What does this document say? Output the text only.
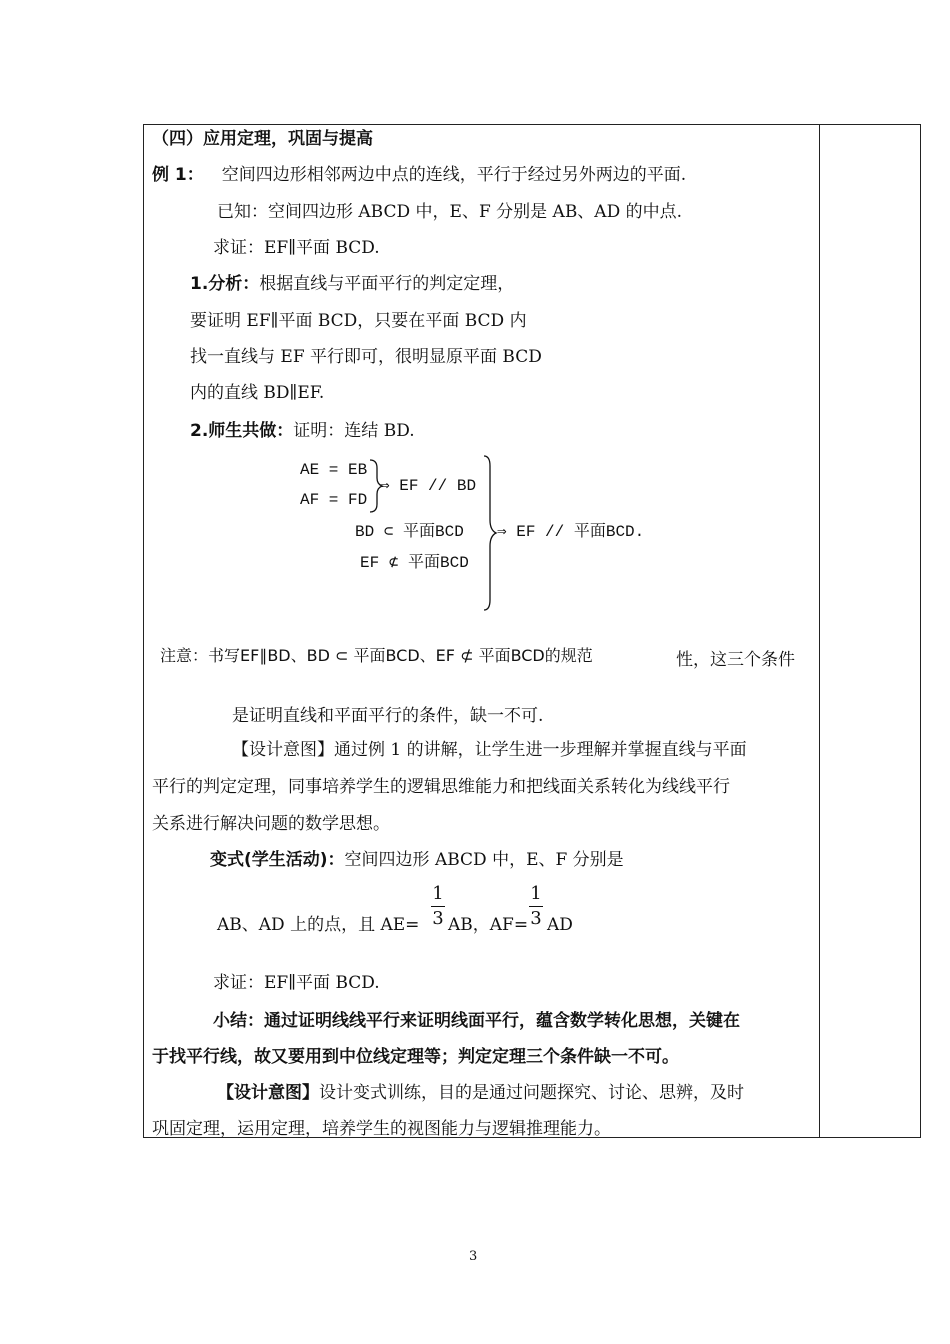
（四）应用定理，巩固与提高
例 1： 空间四边形相邻两边中点的连线，平行于经过另外两边的平面.
已知：空间四边形 ABCD 中，E、F 分别是 AB、AD 的中点.
求证：EF∥平面 BCD.
1.分析：根据直线与平面平行的判定定理，
要证明 EF∥平面 BCD，只要在平面 BCD 内
找一直线与 EF 平行即可，很明显原平面 BCD
内的直线 BD∥EF.
2.师生共做：证明：连结 BD.
AE = EB
AF = FD
⇒ EF // BD
BD ⊂ 平面BCD
EF ⊄ 平面BCD
⇒ EF // 平面BCD.
注意：书写EF∥BD、BD ⊂ 平面BCD、EF ⊄ 平面BCD的规范	性，这三个条件
是证明直线和平面平行的条件，缺一不可.
【设计意图】通过例 1 的讲解，让学生进一步理解并掌握直线与平面
平行的判定定理，同事培养学生的逻辑思维能力和把线面关系转化为线线平行
关系进行解决问题的数学思想。
变式(学生活动)：空间四边形 ABCD 中，E、F 分别是
AB、AD 上的点，且 AE=
1
3 AB，AF=
1
3 AD
求证：EF∥平面 BCD.
小结：通过证明线线平行来证明线面平行，蕴含数学转化思想，关键在
于找平行线，故又要用到中位线定理等；判定定理三个条件缺一不可。
【设计意图】设计变式训练，目的是通过问题探究、讨论、思辨，及时
巩固定理，运用定理，培养学生的视图能力与逻辑推理能力。
3
